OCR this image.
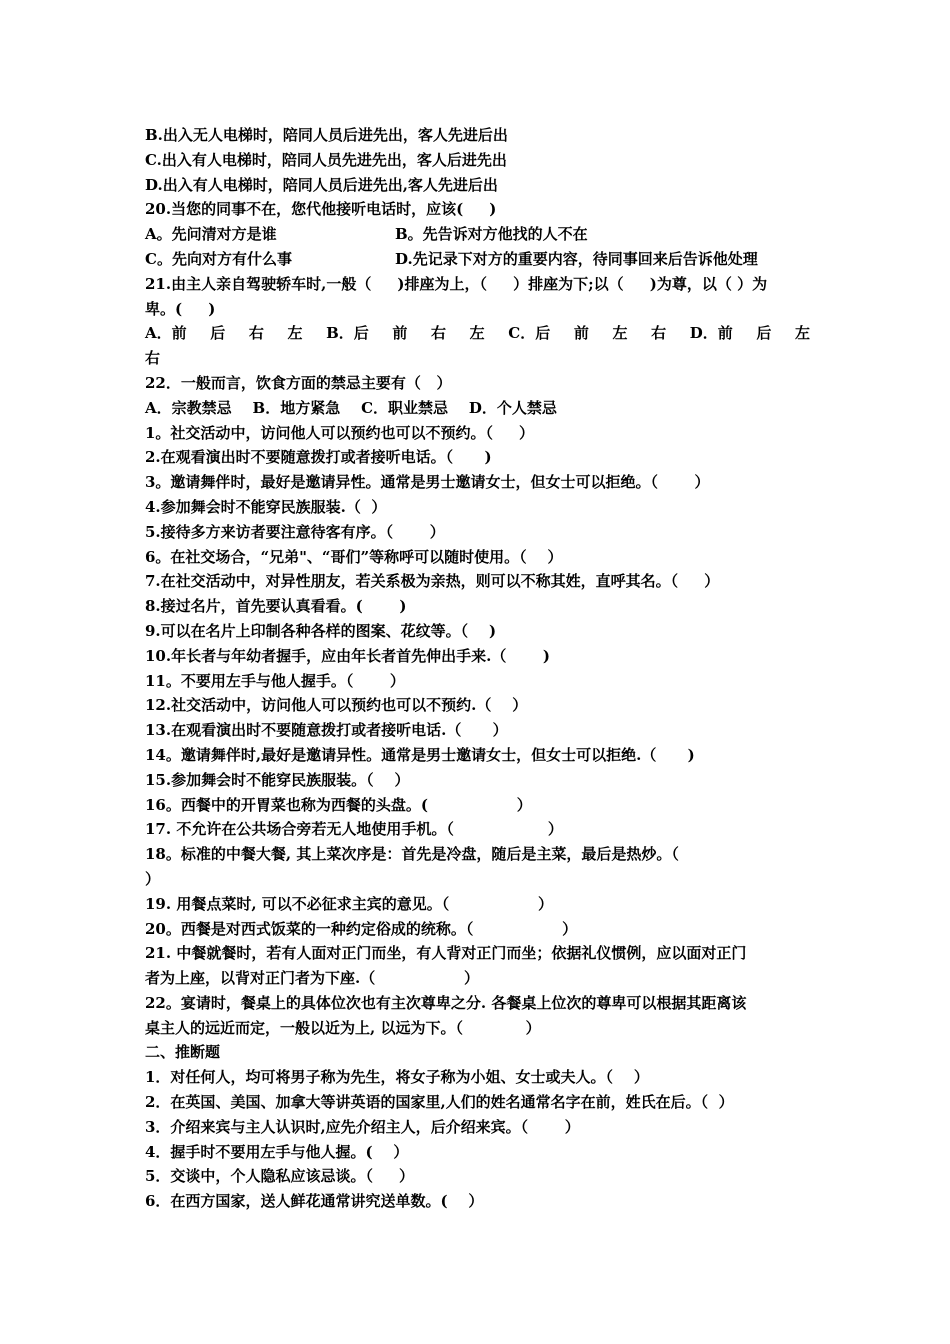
B.出入无人电梯时，陪同人员后进先出，客人先进后出
C.出入有人电梯时，陪同人员先进先出，客人后进先出
D.出入有人电梯时，陪同人员后进先出,客人先进后出
20.当您的同事不在，您代他接听电话时，应该(     )
A。先问清对方是谁	B。先告诉对方他找的人不在
C。先向对方有什么事	D.先记录下对方的重要内容，待同事回来后告诉他处理
21.由主人亲自驾驶轿车时,一般（     )排座为上，（     ）排座为下;以（     )为尊，以（ ）为
卑。(     )
A．前 后 右 左 B．后 前 右 左 C．后 前 左 右 D．前 后 左
右
22．一般而言，饮食方面的禁忌主要有（   ）
A．宗教禁忌    B．地方紧急    C．职业禁忌    D．个人禁忌
1。社交活动中，访问他人可以预约也可以不预约。（     ）
2.在观看演出时不要随意拨打或者接听电话。（      )
3。邀请舞伴时，最好是邀请异性。通常是男士邀请女士，但女士可以拒绝。（       ）
4.参加舞会时不能穿民族服装.（  ）
5.接待多方来访者要注意待客有序。（       ）
6。在社交场合，“兄弟"、“哥们”等称呼可以随时使用。（    ）
7.在社交活动中，对异性朋友，若关系极为亲热，则可以不称其姓，直呼其名。（     ）
8.接过名片，首先要认真看看。(       )
9.可以在名片上印制各种各样的图案、花纹等。（    )
10.年长者与年幼者握手，应由年长者首先伸出手来.（       )
11。不要用左手与他人握手。（       ）
12.社交活动中，访问他人可以预约也可以不预约.（    ）
13.在观看演出时不要随意拨打或者接听电话.（      ）
14。邀请舞伴时,最好是邀请异性。通常是男士邀请女士，但女士可以拒绝.（      )
15.参加舞会时不能穿民族服装。（    ）
16。西餐中的开胃菜也称为西餐的头盘。(                 ）
17. 不允许在公共场合旁若无人地使用手机。（                  ）
18。标准的中餐大餐, 其上菜次序是：首先是冷盘，随后是主菜，最后是热炒。（
）
19. 用餐点菜时, 可以不必征求主宾的意见。（                 ）
20。西餐是对西式饭菜的一种约定俗成的统称。（                 ）
21. 中餐就餐时，若有人面对正门而坐，有人背对正门而坐；依据礼仪惯例，应以面对正门
者为上座，以背对正门者为下座.（                 ）
22。宴请时，餐桌上的具体位次也有主次尊卑之分. 各餐桌上位次的尊卑可以根据其距离该
桌主人的远近而定，一般以近为上, 以远为下。（            ）
二、推断题
1．对任何人，均可将男子称为先生，将女子称为小姐、女士或夫人。（    ）
2．在英国、美国、加拿大等讲英语的国家里,人们的姓名通常名字在前，姓氏在后。（  ）
3．介绍来宾与主人认识时,应先介绍主人，后介绍来宾。（       ）
4．握手时不要用左手与他人握。(    ）
5．交谈中，个人隐私应该忌谈。（     ）
6．在西方国家，送人鲜花通常讲究送单数。(    ）
